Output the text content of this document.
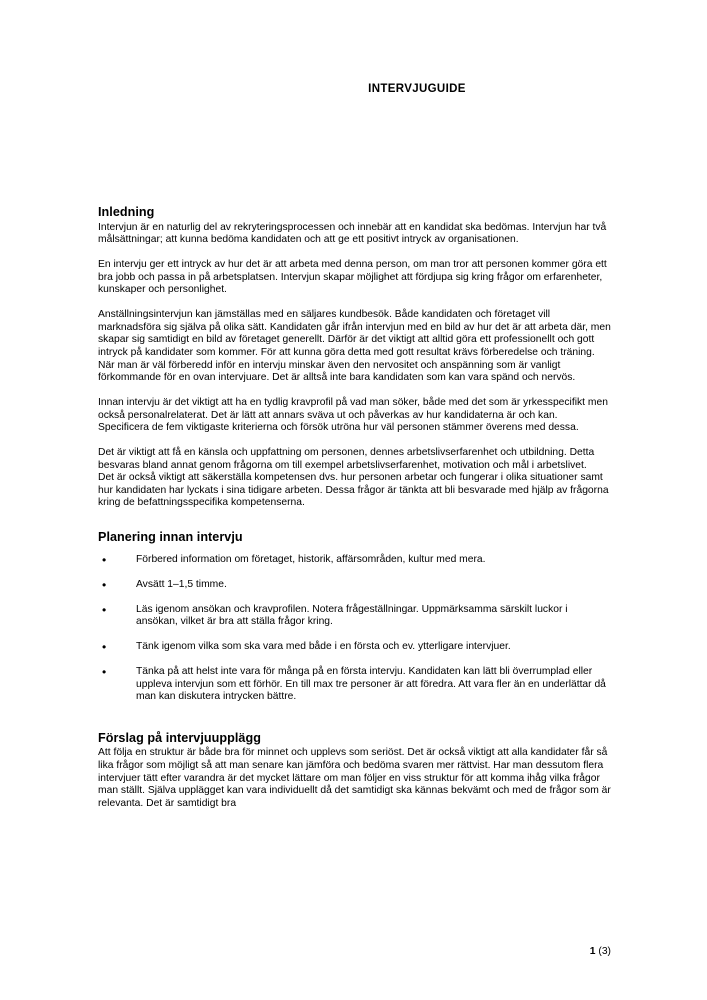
INTERVJUGUIDE
Inledning

Intervjun är en naturlig del av rekryteringsprocessen och innebär att en kandidat ska bedömas. Intervjun har två målsättningar; att kunna bedöma kandidaten och att ge ett positivt intryck av organisationen.

En intervju ger ett intryck av hur det är att arbeta med denna person, om man tror att personen kommer göra ett bra jobb och passa in på arbetsplatsen. Intervjun skapar möjlighet att fördjupa sig kring frågor om erfarenheter, kunskaper och personlighet.

Anställningsintervjun kan jämställas med en säljares kundbesök. Både kandidaten och företaget vill marknadsföra sig själva på olika sätt. Kandidaten går ifrån intervjun med en bild av hur det är att arbeta där, men skapar sig samtidigt en bild av företaget generellt. Därför är det viktigt att alltid göra ett professionellt och gott intryck på kandidater som kommer. För att kunna göra detta med gott resultat krävs förberedelse och träning. När man är väl förberedd inför en intervju minskar även den nervositet och anspänning som är vanligt förkommande för en ovan intervjuare. Det är alltså inte bara kandidaten som kan vara spänd och nervös.

Innan intervju är det viktigt att ha en tydlig kravprofil på vad man söker, både med det som är yrkesspecifikt men också personalrelaterat. Det är lätt att annars sväva ut och påverkas av hur kandidaterna är och kan. Specificera de fem viktigaste kriterierna och försök utröna hur väl personen stämmer överens med dessa.

Det är viktigt att få en känsla och uppfattning om personen, dennes arbetslivserfarenhet och utbildning. Detta besvaras bland annat genom frågorna om till exempel arbetslivserfarenhet, motivation och mål i arbetslivet.

Det är också viktigt att säkerställa kompetensen dvs. hur personen arbetar och fungerar i olika situationer samt hur kandidaten har lyckats i sina tidigare arbeten. Dessa frågor är tänkta att bli besvarade med hjälp av frågorna kring de befattningsspecifika kompetenserna.

Planering innan intervju
•	Förbered information om företaget, historik, affärsområden, kultur med mera.
•	Avsätt 1–1,5 timme.
•	Läs igenom ansökan och kravprofilen. Notera frågeställningar. Uppmärksamma särskilt luckor i ansökan, vilket är bra att ställa frågor kring.
•	Tänk igenom vilka som ska vara med både i en första och ev. ytterligare intervjuer.
•	Tänka på att helst inte vara för många på en första intervju. Kandidaten kan lätt bli överrumplad eller uppleva intervjun som ett förhör. En till max tre personer är att föredra. Att vara fler än en underlättar då man kan diskutera intrycken bättre.
Förslag på intervjuupplägg

Att följa en struktur är både bra för minnet och upplevs som seriöst. Det är också viktigt att alla kandidater får så lika frågor som möjligt så att man senare kan jämföra och bedöma svaren mer rättvist. Har man dessutom flera intervjuer tätt efter varandra är det mycket lättare om man följer en viss struktur för att komma ihåg vilka frågor man ställt. Själva upplägget kan vara individuellt då det samtidigt ska kännas bekvämt och med de frågor som är relevanta. Det är samtidigt bra

1 (3)
